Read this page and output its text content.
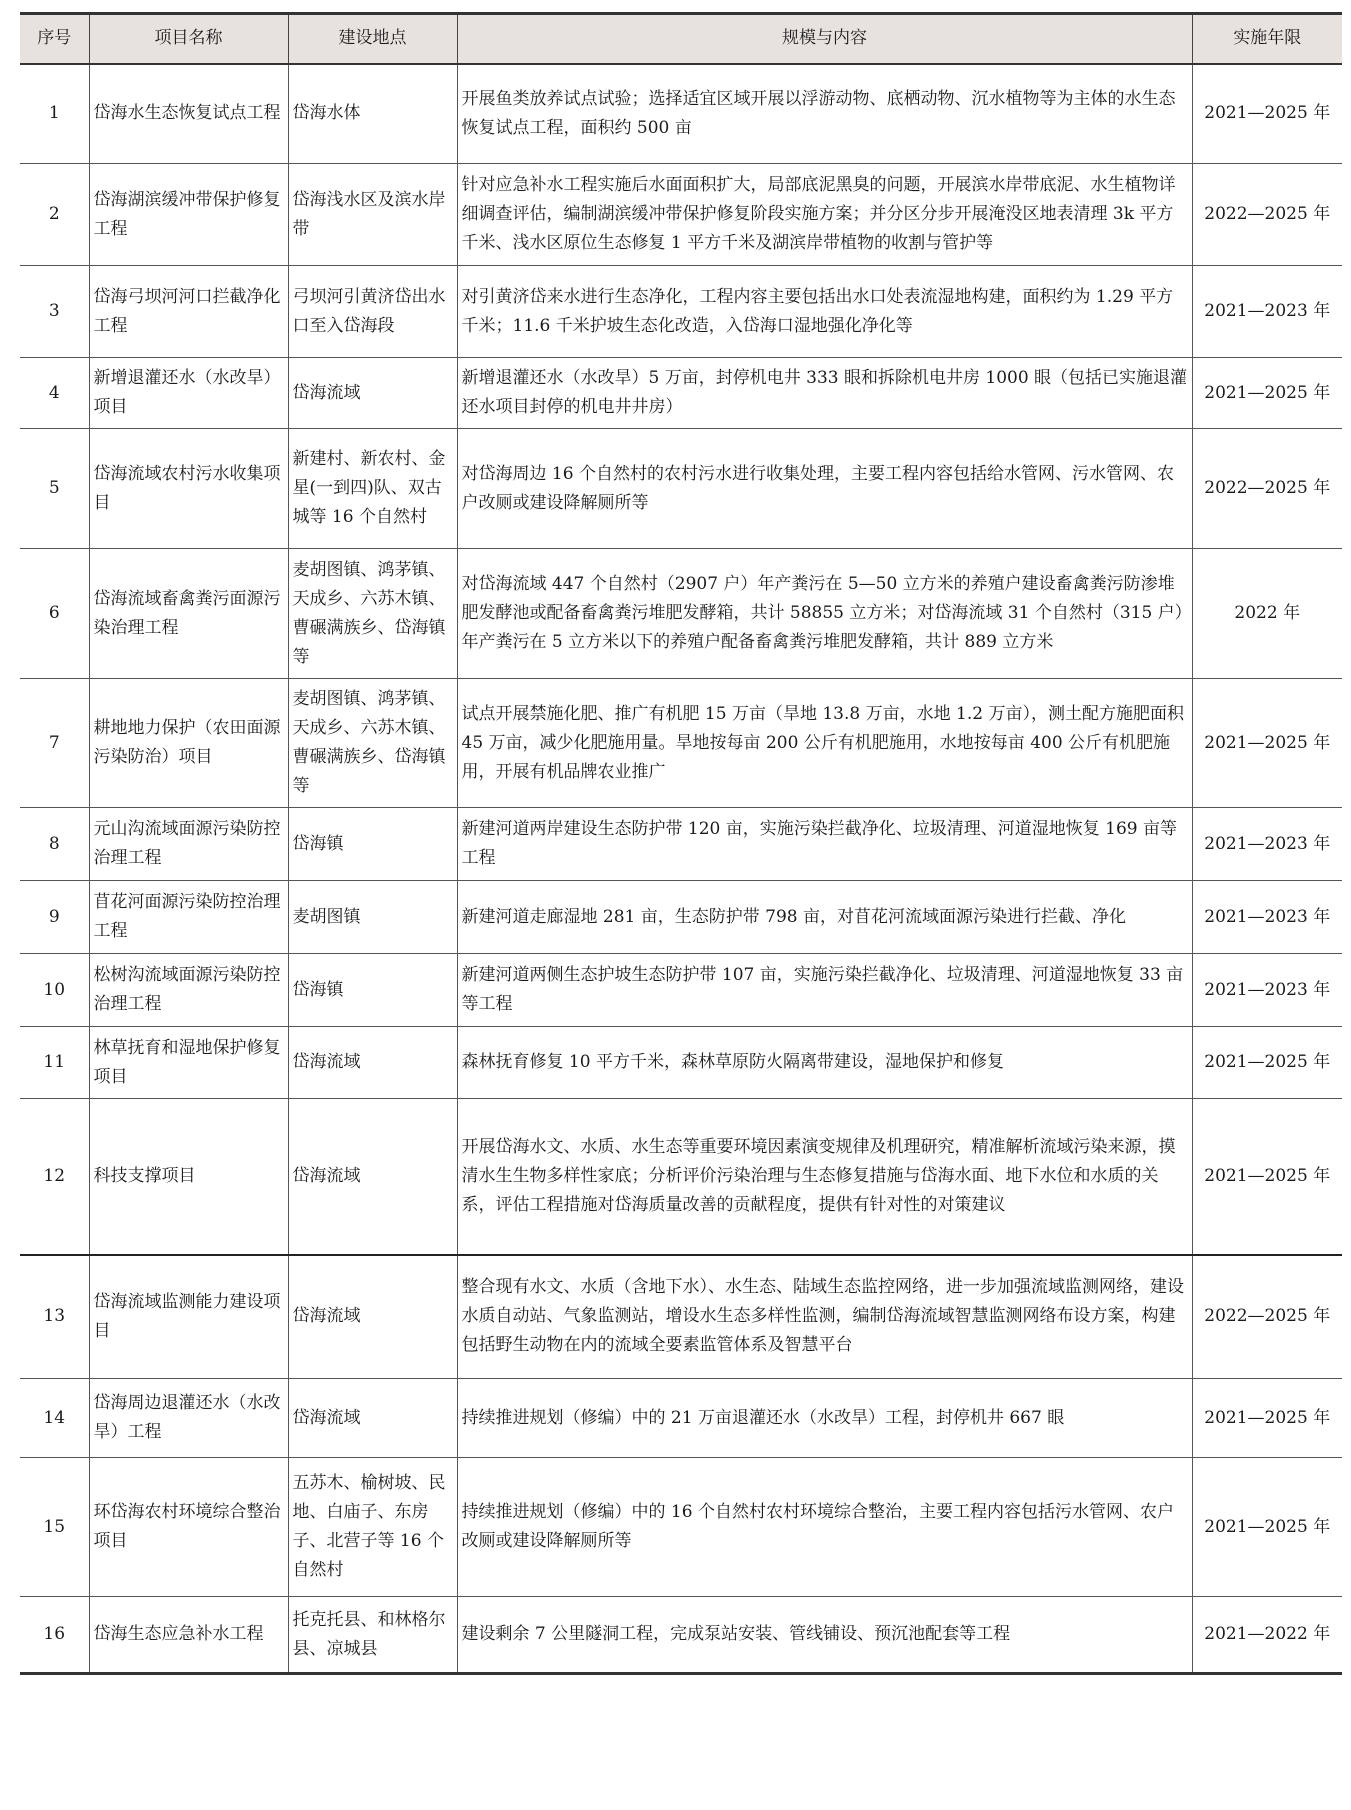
序号	项目名称	建设地点	规模与内容	实施年限
1	岱海水生态恢复试点工程	岱海水体	开展鱼类放养试点试验；选择适宜区域开展以浮游动物、底栖动物、沉水植物等为主体的水生态恢复试点工程，面积约 500 亩	2021—2025 年
2	岱海湖滨缓冲带保护修复工程	岱海浅水区及滨水岸带	针对应急补水工程实施后水面面积扩大，局部底泥黑臭的问题，开展滨水岸带底泥、水生植物详细调查评估，编制湖滨缓冲带保护修复阶段实施方案；并分区分步开展淹没区地表清理 3k 平方千米、浅水区原位生态修复 1 平方千米及湖滨岸带植物的收割与管护等	2022—2025 年
3	岱海弓坝河河口拦截净化工程	弓坝河引黄济岱出水口至入岱海段	对引黄济岱来水进行生态净化，工程内容主要包括出水口处表流湿地构建，面积约为 1.29 平方千米；11.6 千米护坡生态化改造，入岱海口湿地强化净化等	2021—2023 年
4	新增退灌还水（水改旱）项目	岱海流域	新增退灌还水（水改旱）5 万亩，封停机电井 333 眼和拆除机电井房 1000 眼（包括已实施退灌还水项目封停的机电井井房）	2021—2025 年
5	岱海流域农村污水收集项目	新建村、新农村、金星(一到四)队、双古城等 16 个自然村	对岱海周边 16 个自然村的农村污水进行收集处理，主要工程内容包括给水管网、污水管网、农户改厕或建设降解厕所等	2022—2025 年
6	岱海流域畜禽粪污面源污染治理工程	麦胡图镇、鸿茅镇、天成乡、六苏木镇、曹碾满族乡、岱海镇等	对岱海流域 447 个自然村（2907 户）年产粪污在 5—50 立方米的养殖户建设畜禽粪污防渗堆肥发酵池或配备畜禽粪污堆肥发酵箱，共计 58855 立方米；对岱海流域 31 个自然村（315 户）年产粪污在 5 立方米以下的养殖户配备畜禽粪污堆肥发酵箱，共计 889 立方米	2022 年
7	耕地地力保护（农田面源污染防治）项目	麦胡图镇、鸿茅镇、天成乡、六苏木镇、曹碾满族乡、岱海镇等	试点开展禁施化肥、推广有机肥 15 万亩（旱地 13.8 万亩，水地 1.2 万亩），测土配方施肥面积 45 万亩，减少化肥施用量。旱地按每亩 200 公斤有机肥施用，水地按每亩 400 公斤有机肥施用，开展有机品牌农业推广	2021—2025 年
8	元山沟流域面源污染防控治理工程	岱海镇	新建河道两岸建设生态防护带 120 亩，实施污染拦截净化、垃圾清理、河道湿地恢复 169 亩等工程	2021—2023 年
9	苜花河面源污染防控治理工程	麦胡图镇	新建河道走廊湿地 281 亩，生态防护带 798 亩，对苜花河流域面源污染进行拦截、净化	2021—2023 年
10	松树沟流域面源污染防控治理工程	岱海镇	新建河道两侧生态护坡生态防护带 107 亩，实施污染拦截净化、垃圾清理、河道湿地恢复 33 亩等工程	2021—2023 年
11	林草抚育和湿地保护修复项目	岱海流域	森林抚育修复 10 平方千米，森林草原防火隔离带建设，湿地保护和修复	2021—2025 年
12	科技支撑项目	岱海流域	开展岱海水文、水质、水生态等重要环境因素演变规律及机理研究，精准解析流域污染来源，摸清水生生物多样性家底；分析评价污染治理与生态修复措施与岱海水面、地下水位和水质的关系，评估工程措施对岱海质量改善的贡献程度，提供有针对性的对策建议	2021—2025 年
13	岱海流域监测能力建设项目	岱海流域	整合现有水文、水质（含地下水）、水生态、陆域生态监控网络，进一步加强流域监测网络，建设水质自动站、气象监测站，增设水生态多样性监测，编制岱海流域智慧监测网络布设方案，构建包括野生动物在内的流域全要素监管体系及智慧平台	2022—2025 年
14	岱海周边退灌还水（水改旱）工程	岱海流域	持续推进规划（修编）中的 21 万亩退灌还水（水改旱）工程，封停机井 667 眼	2021—2025 年
15	环岱海农村环境综合整治项目	五苏木、榆树坡、民地、白庙子、东房子、北营子等 16 个自然村	持续推进规划（修编）中的 16 个自然村农村环境综合整治，主要工程内容包括污水管网、农户改厕或建设降解厕所等	2021—2025 年
16	岱海生态应急补水工程	托克托县、和林格尔县、凉城县	建设剩余 7 公里隧洞工程，完成泵站安装、管线铺设、预沉池配套等工程	2021—2022 年
